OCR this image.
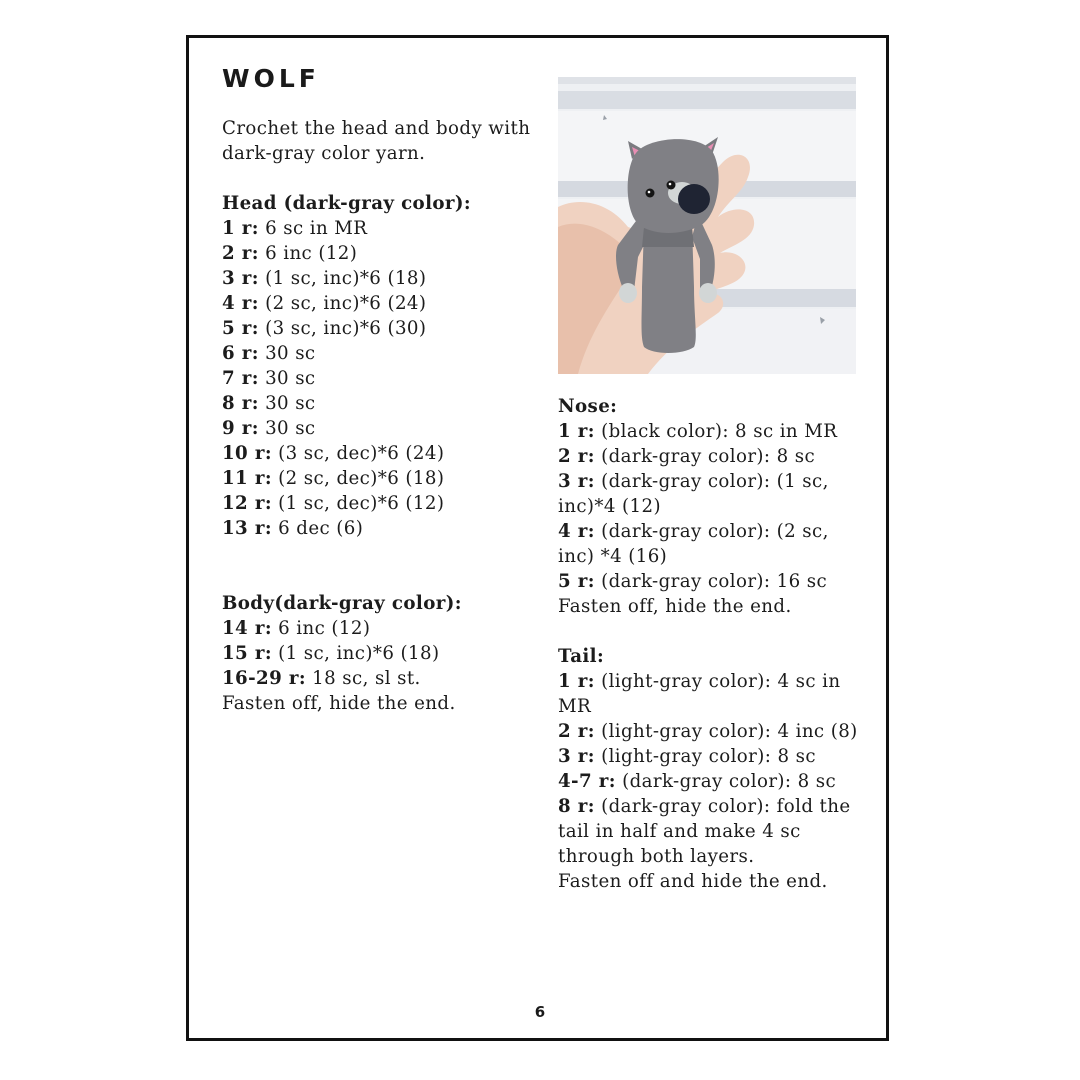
WOLF

Crochet the head and body with dark-gray color yarn.

Head (dark-gray color):

1 r: 6 sc in MR

2 r: 6 inc (12)

3 r: (1 sc, inc)*6 (18)

4 r: (2 sc, inc)*6 (24)

5 r: (3 sc, inc)*6 (30)

6 r: 30 sc

7 r: 30 sc

8 r: 30 sc

9 r: 30 sc

10 r: (3 sc, dec)*6 (24)

11 r: (2 sc, dec)*6 (18)

12 r: (1 sc, dec)*6 (12)

13 r: 6 dec (6)

Body(dark-gray color):

14 r: 6 inc (12)

15 r: (1 sc, inc)*6 (18)

16-29 r: 18 sc, sl st.

Fasten off, hide the end.

Nose:

1 r: (black color): 8 sc in MR

2 r: (dark-gray color): 8 sc

3 r: (dark-gray color): (1 sc, inc)*4 (12)

4 r: (dark-gray color): (2 sc, inc) *4 (16)

5 r: (dark-gray color): 16 sc

Fasten off, hide the end.

Tail:

1 r: (light-gray color): 4 sc in MR

2 r: (light-gray color): 4 inc (8)

3 r: (light-gray color): 8 sc

4-7 r: (dark-gray color): 8 sc

8 r: (dark-gray color): fold the tail in half and make 4 sc through both layers.

Fasten off and hide the end.

6
